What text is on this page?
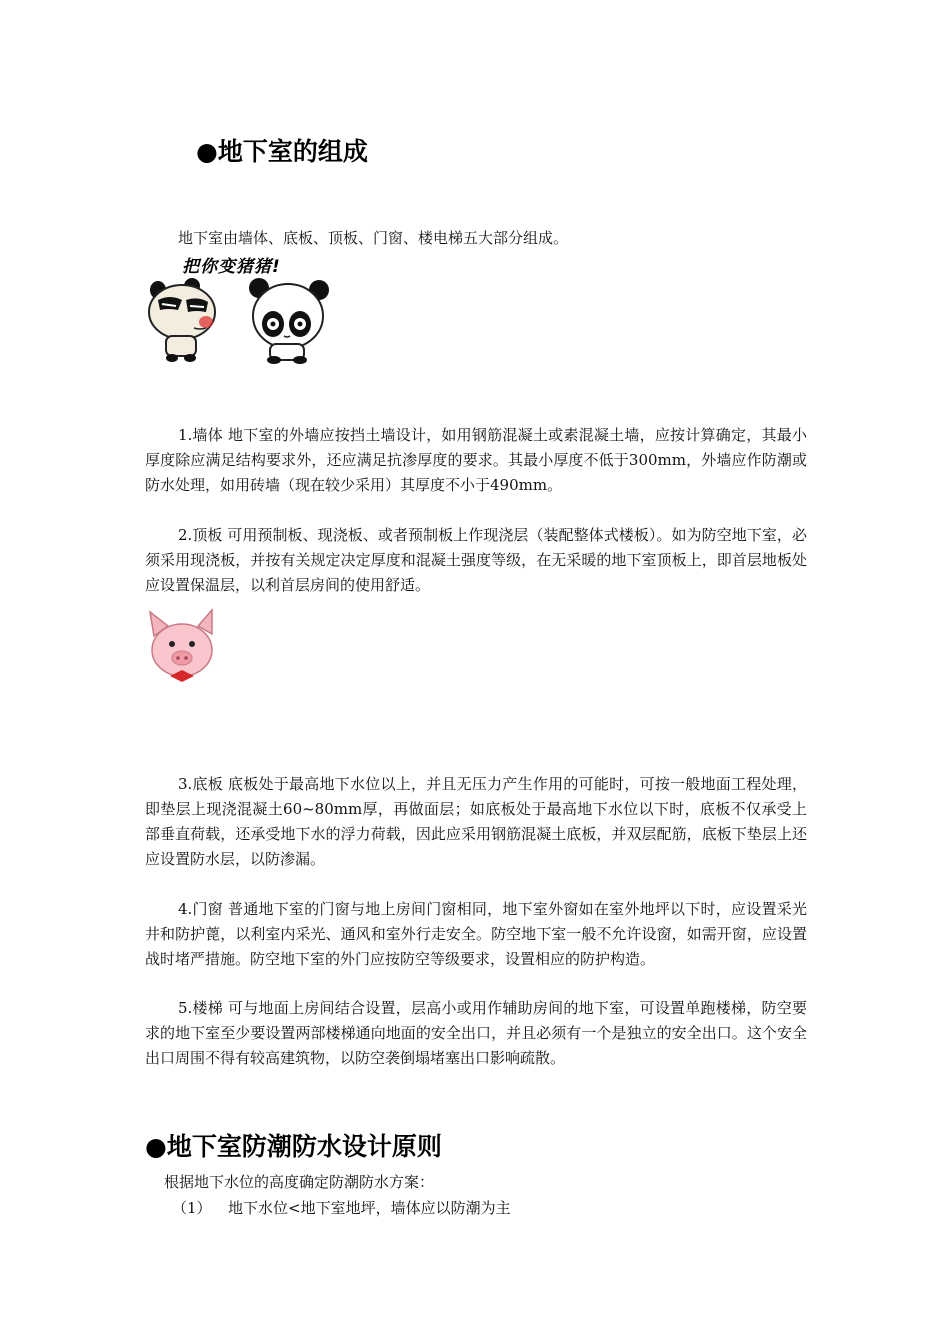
●地下室的组成

地下室由墙体、底板、顶板、门窗、楼电梯五大部分组成。

把你变猪猪!

1.墙体 地下室的外墙应按挡土墙设计，如用钢筋混凝土或素混凝土墙，应按计算确定，其最小厚度除应满足结构要求外，还应满足抗渗厚度的要求。其最小厚度不低于300mm，外墙应作防潮或防水处理，如用砖墙（现在较少采用）其厚度不小于490mm。

2.顶板 可用预制板、现浇板、或者预制板上作现浇层（装配整体式楼板）。如为防空地下室，必须采用现浇板，并按有关规定决定厚度和混凝土强度等级，在无采暖的地下室顶板上，即首层地板处应设置保温层，以利首层房间的使用舒适。

3.底板 底板处于最高地下水位以上，并且无压力产生作用的可能时，可按一般地面工程处理，即垫层上现浇混凝土60~80mm厚，再做面层；如底板处于最高地下水位以下时，底板不仅承受上部垂直荷载，还承受地下水的浮力荷载，因此应采用钢筋混凝土底板，并双层配筋，底板下垫层上还应设置防水层，以防渗漏。

4.门窗 普通地下室的门窗与地上房间门窗相同，地下室外窗如在室外地坪以下时，应设置采光井和防护蓖，以利室内采光、通风和室外行走安全。防空地下室一般不允许设窗，如需开窗，应设置战时堵严措施。防空地下室的外门应按防空等级要求，设置相应的防护构造。

5.楼梯 可与地面上房间结合设置，层高小或用作辅助房间的地下室，可设置单跑楼梯，防空要求的地下室至少要设置两部楼梯通向地面的安全出口，并且必须有一个是独立的安全出口。这个安全出口周围不得有较高建筑物，以防空袭倒塌堵塞出口影响疏散。

●地下室防潮防水设计原则

根据地下水位的高度确定防潮防水方案：

（1） 地下水位<地下室地坪，墙体应以防潮为主
